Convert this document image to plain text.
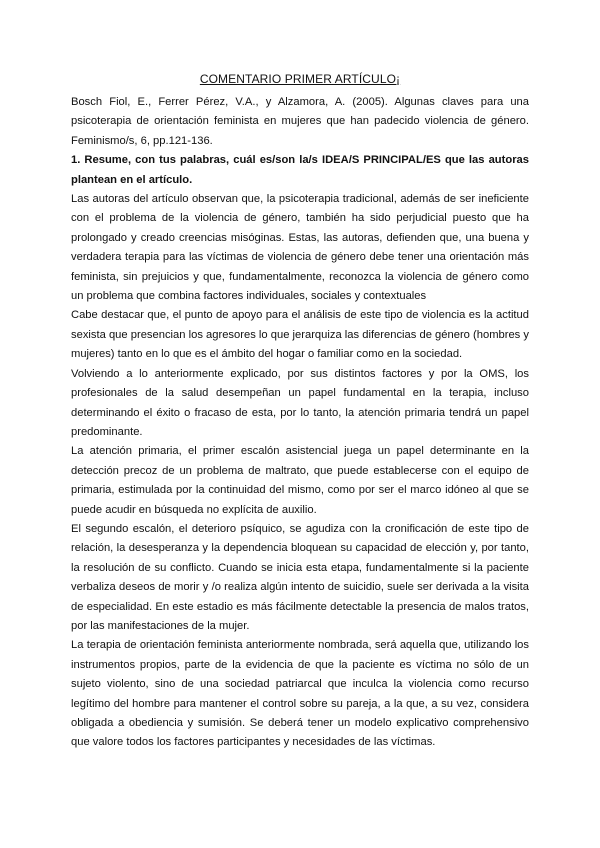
COMENTARIO PRIMER ARTÍCULO¡

Bosch Fiol, E., Ferrer Pérez, V.A., y Alzamora, A. (2005). Algunas claves para una psicoterapia de orientación feminista en mujeres que han padecido violencia de género. Feminismo/s, 6, pp.121-136.

1. Resume, con tus palabras, cuál es/son la/s IDEA/S PRINCIPAL/ES que las autoras plantean en el artículo.

Las autoras del artículo observan que, la psicoterapia tradicional, además de ser ineficiente con el problema de la violencia de género, también ha sido perjudicial puesto que ha prolongado y creado creencias misóginas. Estas, las autoras, defienden que, una buena y verdadera terapia para las víctimas de violencia de género debe tener una orientación más feminista, sin prejuicios y que, fundamentalmente, reconozca la violencia de género como un problema que combina factores individuales, sociales y contextuales

Cabe destacar que, el punto de apoyo para el análisis de este tipo de violencia es la actitud sexista que presencian los agresores lo que jerarquiza las diferencias de género (hombres y mujeres) tanto en lo que es el ámbito del hogar o familiar como en la sociedad.

Volviendo a lo anteriormente explicado, por sus distintos factores y por la OMS, los profesionales de la salud desempeñan un papel fundamental en la terapia, incluso determinando el éxito o fracaso de esta, por lo tanto, la atención primaria tendrá un papel predominante.

La atención primaria, el primer escalón asistencial juega un papel determinante en la detección precoz de un problema de maltrato, que puede establecerse con el equipo de primaria, estimulada por la continuidad del mismo, como por ser el marco idóneo al que se puede acudir en búsqueda no explícita de auxilio.

El segundo escalón, el deterioro psíquico, se agudiza con la cronificación de este tipo de relación, la desesperanza y la dependencia bloquean su capacidad de elección y, por tanto, la resolución de su conflicto. Cuando se inicia esta etapa, fundamentalmente si la paciente verbaliza deseos de morir y /o realiza algún intento de suicidio, suele ser derivada a la visita de especialidad. En este estadio es más fácilmente detectable la presencia de malos tratos, por las manifestaciones de la mujer.

La terapia de orientación feminista anteriormente nombrada, será aquella que, utilizando los instrumentos propios, parte de la evidencia de que la paciente es víctima no sólo de un sujeto violento, sino de una sociedad patriarcal que inculca la violencia como recurso legítimo del hombre para mantener el control sobre su pareja, a la que, a su vez, considera obligada a obediencia y sumisión. Se deberá tener un modelo explicativo comprehensivo que valore todos los factores participantes y necesidades de las víctimas.
